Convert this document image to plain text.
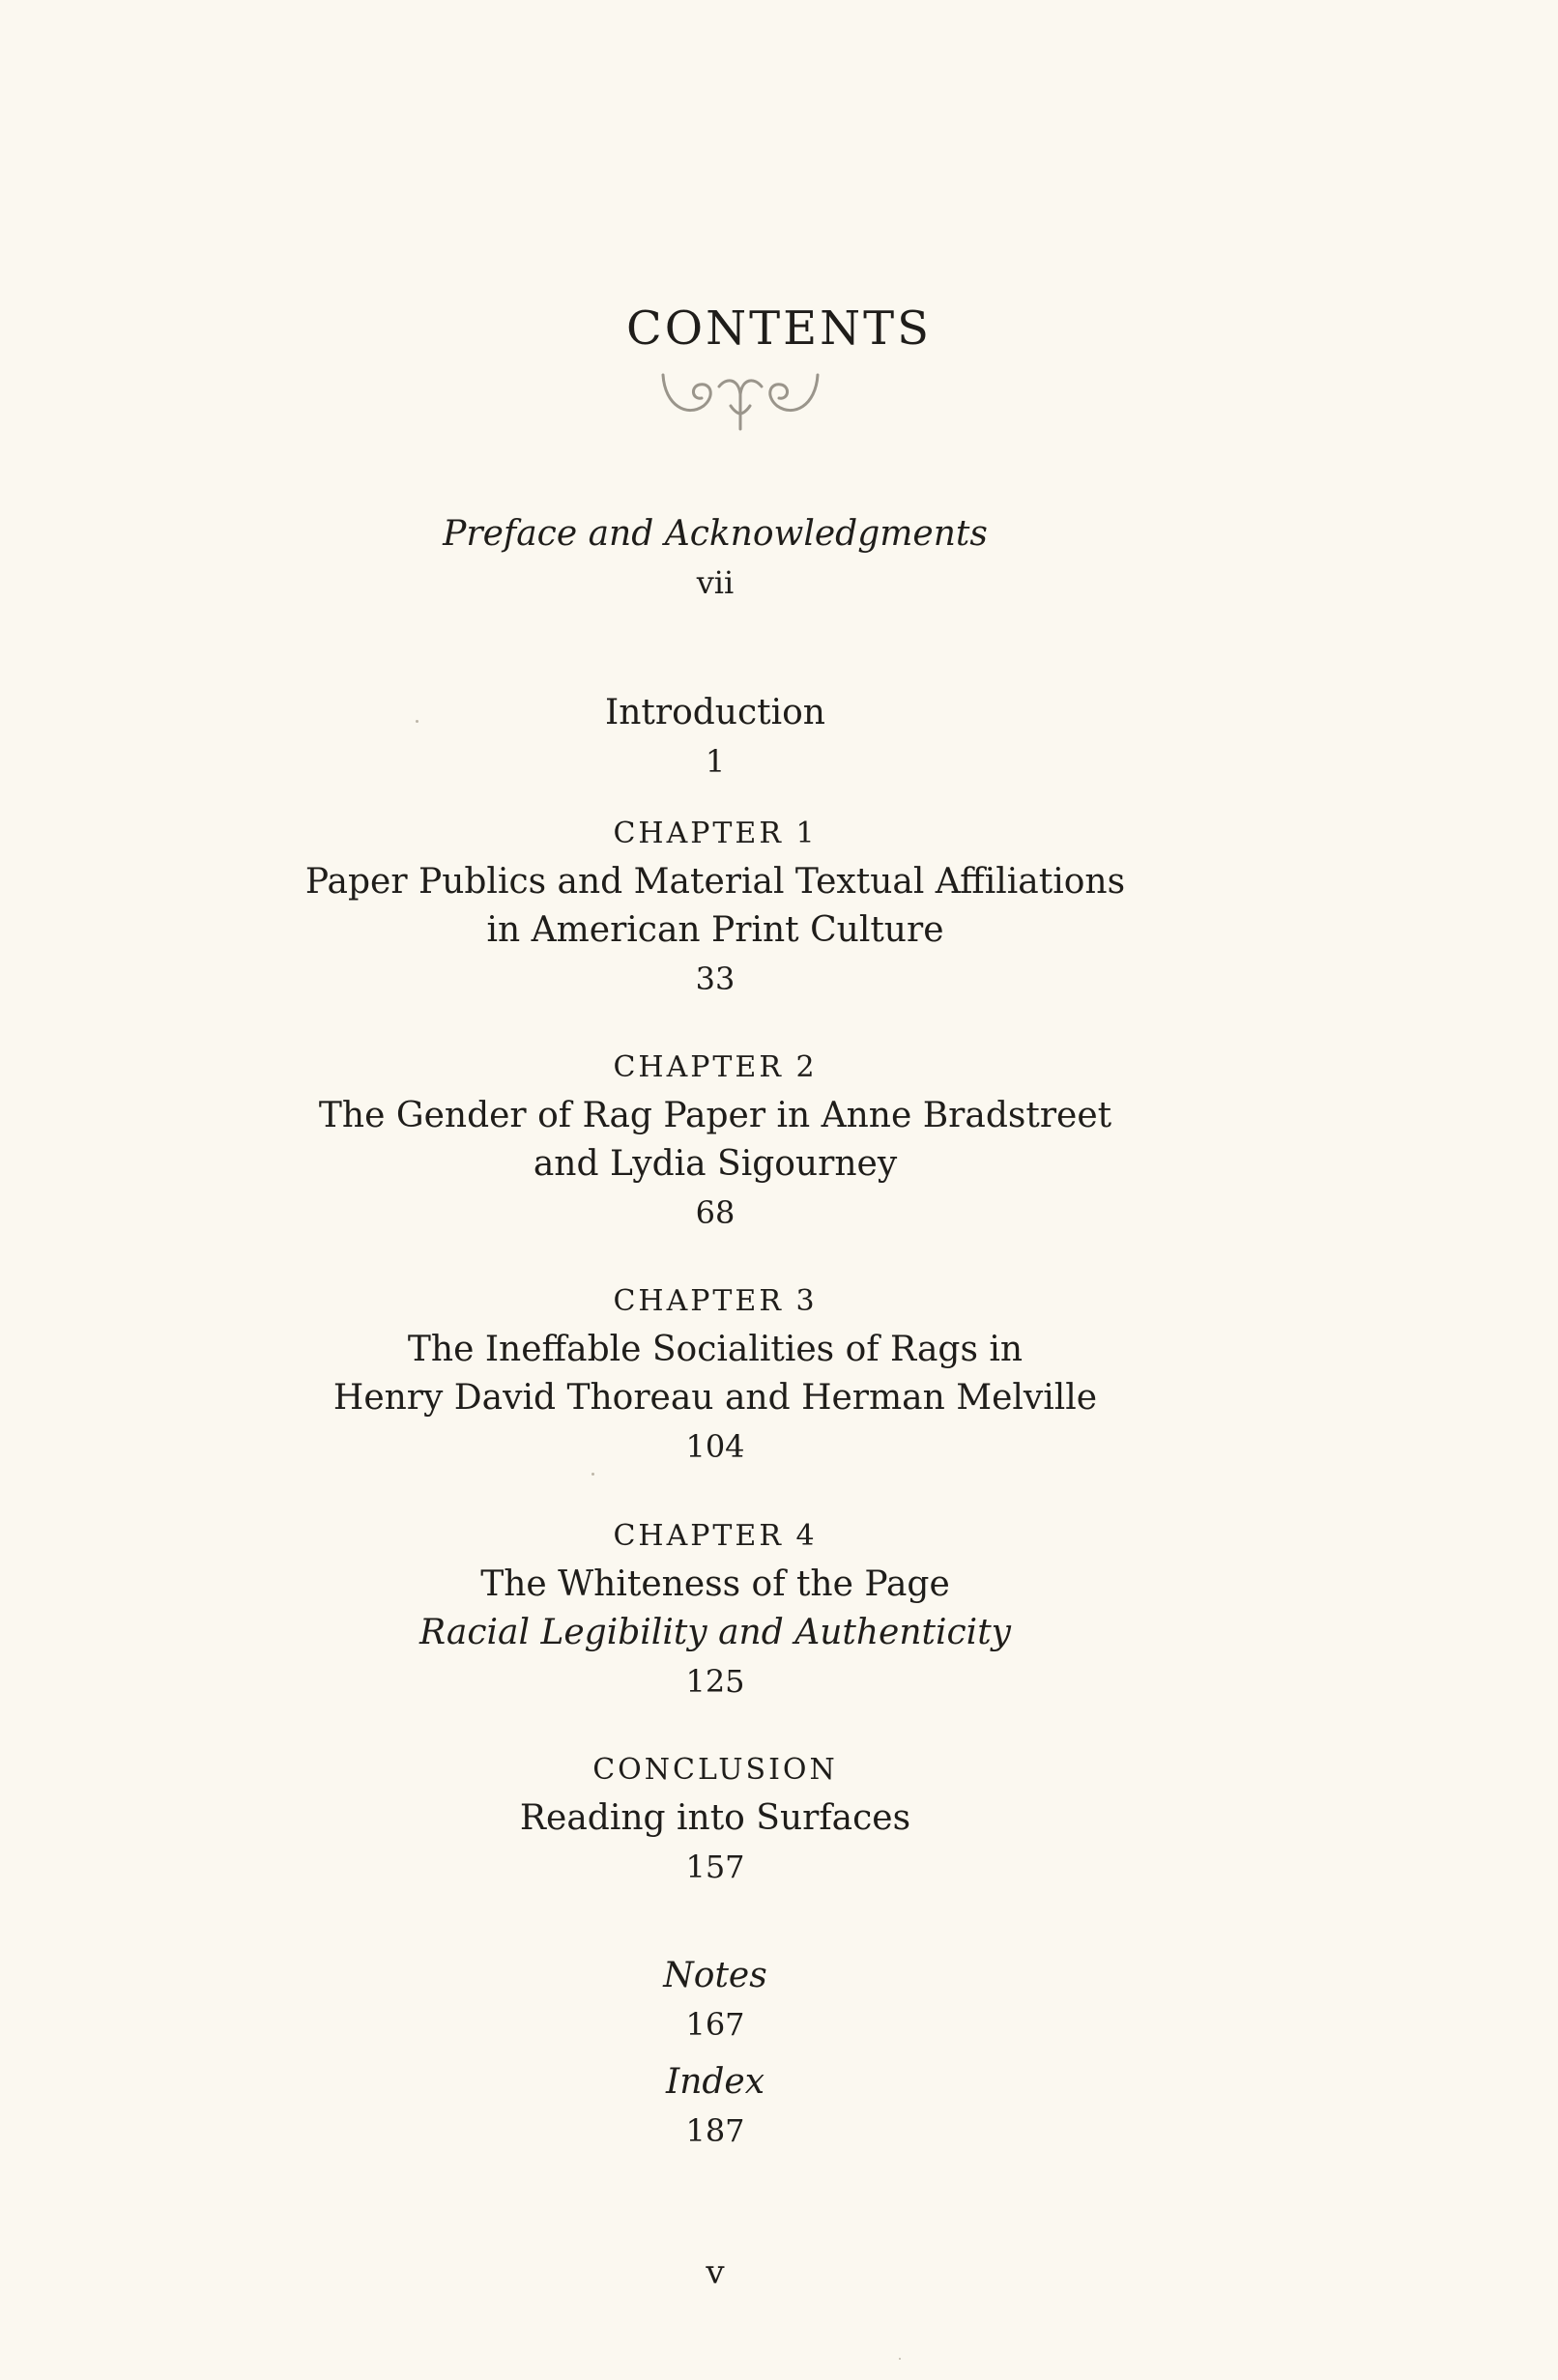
CONTENTS
Preface and Acknowledgments
vii
Introduction
1
CHAPTER 1
Paper Publics and Material Textual Affiliations
in American Print Culture
33
CHAPTER 2
The Gender of Rag Paper in Anne Bradstreet
and Lydia Sigourney
68
CHAPTER 3
The Ineffable Socialities of Rags in
Henry David Thoreau and Herman Melville
104
CHAPTER 4
The Whiteness of the Page
Racial Legibility and Authenticity
125
CONCLUSION
Reading into Surfaces
157
Notes
167
Index
187
v
